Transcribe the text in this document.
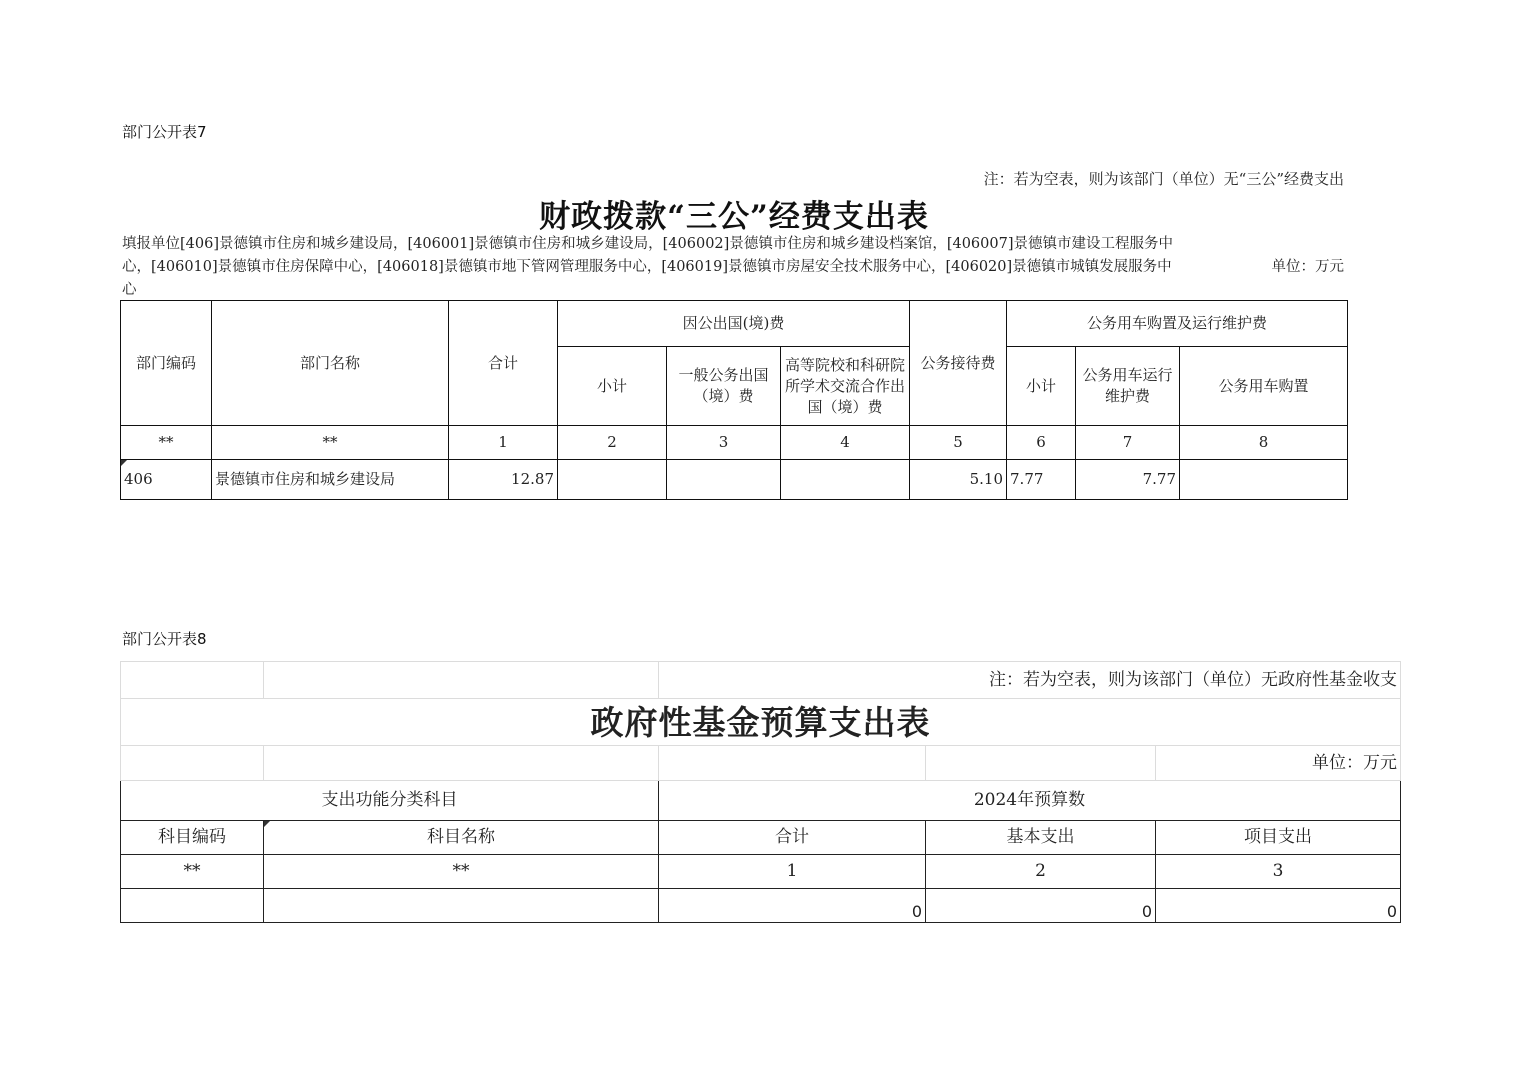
部门公开表7
注：若为空表，则为该部门（单位）无“三公”经费支出
财政拨款“三公”经费支出表
填报单位[406]景德镇市住房和城乡建设局，[406001]景德镇市住房和城乡建设局，[406002]景德镇市住房和城乡建设档案馆，[406007]景德镇市建设工程服务中心，[406010]景德镇市住房保障中心，[406018]景德镇市地下管网管理服务中心，[406019]景德镇市房屋安全技术服务中心，[406020]景德镇市城镇发展服务中心
单位：万元
部门编码	部门名称	合计	因公出国(境)费			公务接待费	公务用车购置及运行维护费		
			小计	一般公务出国（境）费	高等院校和科研院所学术交流合作出国（境）费		小计	公务用车运行维护费	公务用车购置
**	**	1	2	3	4	5	6	7	8
406	景德镇市住房和城乡建设局	12.87				5.10	7.77	7.77	
部门公开表8
			注：若为空表，则为该部门（单位）无政府性基金收支	
政府性基金预算支出表				
				单位：万元
支出功能分类科目		2024年预算数		
科目编码	科目名称	合计	基本支出	项目支出
**	**	1	2	3
		0	0	0
